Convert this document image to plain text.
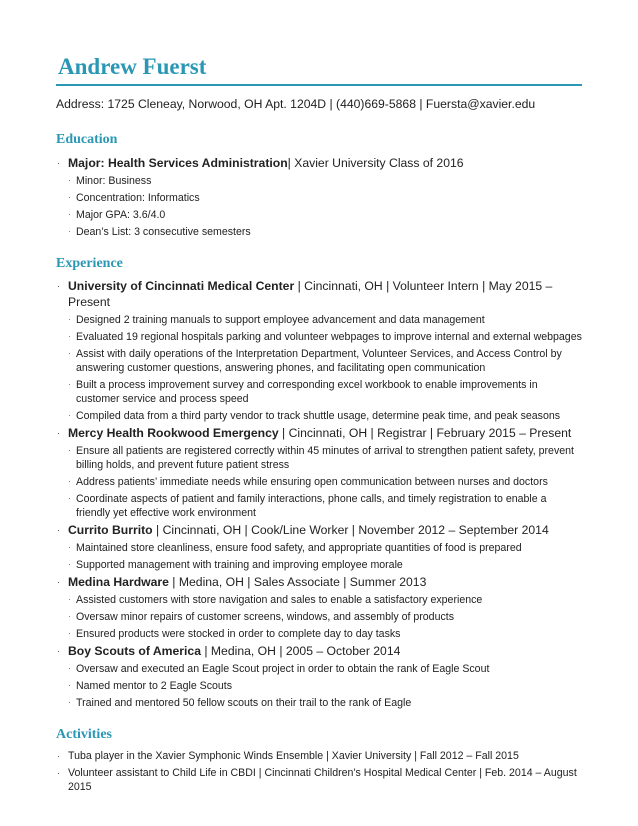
Andrew Fuerst
Address: 1725 Cleneay, Norwood, OH Apt. 1204D | (440)669-5868 | Fuersta@xavier.edu
Education
· Major: Health Services Administration| Xavier University Class of 2016
· Minor: Business
· Concentration: Informatics
· Major GPA: 3.6/4.0
· Dean’s List: 3 consecutive semesters
Experience
· University of Cincinnati Medical Center | Cincinnati, OH | Volunteer Intern | May 2015 – Present
· Designed 2 training manuals to support employee advancement and data management
· Evaluated 19 regional hospitals parking and volunteer webpages to improve internal and external webpages
· Assist with daily operations of the Interpretation Department, Volunteer Services, and Access Control by answering customer questions, answering phones, and facilitating open communication
· Built a process improvement survey and corresponding excel workbook to enable improvements in customer service and process speed
· Compiled data from a third party vendor to track shuttle usage, determine peak time, and peak seasons
· Mercy Health Rookwood Emergency | Cincinnati, OH | Registrar | February 2015 – Present
· Ensure all patients are registered correctly within 45 minutes of arrival to strengthen patient safety, prevent billing holds, and prevent future patient stress
· Address patients’ immediate needs while ensuring open communication between nurses and doctors
· Coordinate aspects of patient and family interactions, phone calls, and timely registration to enable a friendly yet effective work environment
· Currito Burrito | Cincinnati, OH | Cook/Line Worker | November 2012 – September 2014
· Maintained store cleanliness, ensure food safety, and appropriate quantities of food is prepared
· Supported management with training and improving employee morale
· Medina Hardware | Medina, OH | Sales Associate | Summer 2013
· Assisted customers with store navigation and sales to enable a satisfactory experience
· Oversaw minor repairs of customer screens, windows, and assembly of products
· Ensured products were stocked in order to complete day to day tasks
· Boy Scouts of America | Medina, OH | 2005 – October 2014
· Oversaw and executed an Eagle Scout project in order to obtain the rank of Eagle Scout
· Named mentor to 2 Eagle Scouts
· Trained and mentored 50 fellow scouts on their trail to the rank of Eagle
Activities
· Tuba player in the Xavier Symphonic Winds Ensemble | Xavier University | Fall 2012 – Fall 2015
· Volunteer assistant to Child Life in CBDI | Cincinnati Children’s Hospital Medical Center | Feb. 2014 – August 2015
